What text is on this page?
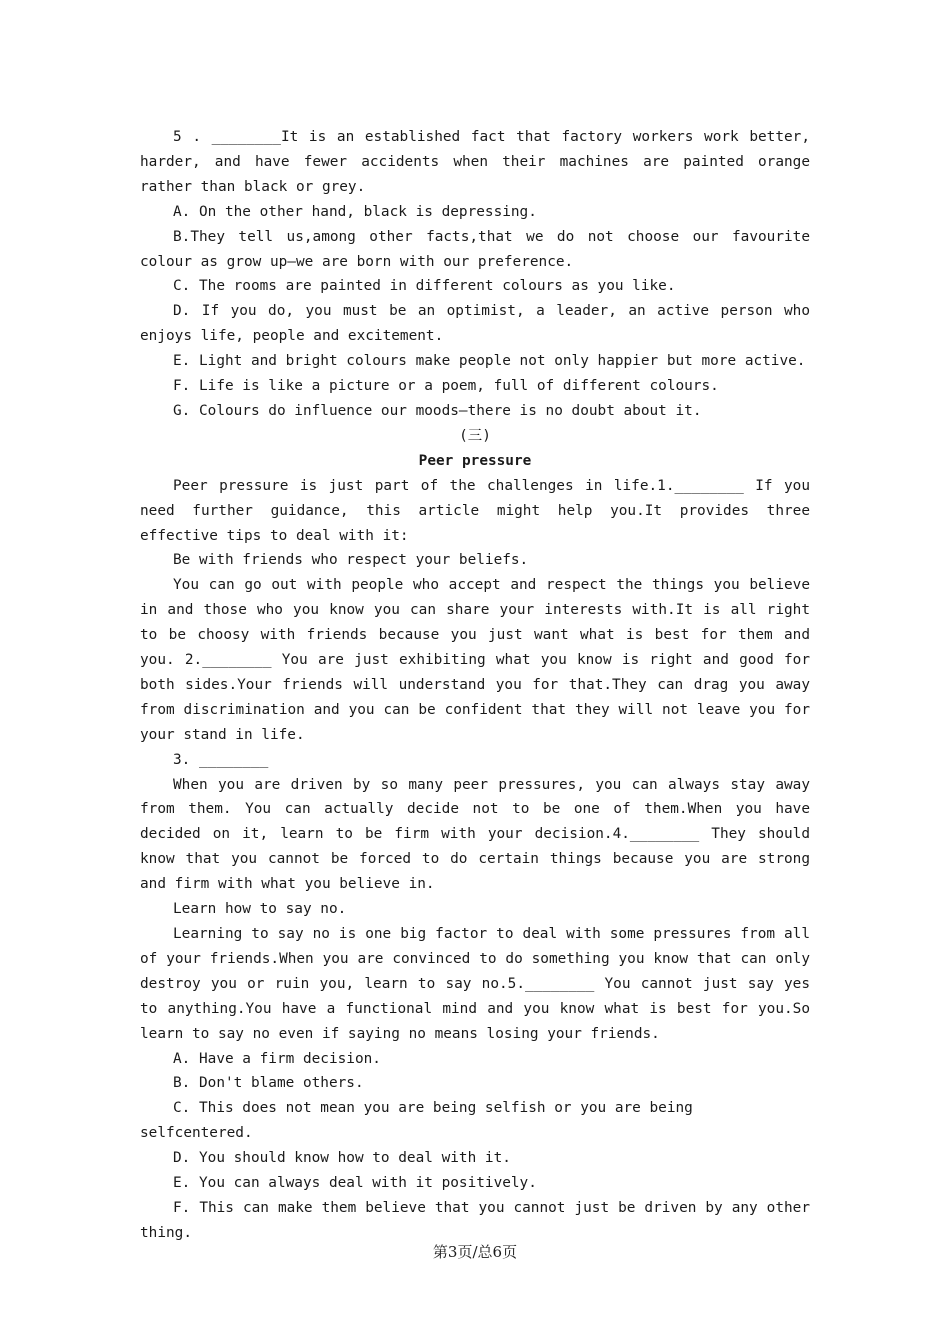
5 . ________It is an established fact that factory workers work better, harder, and have fewer accidents when their machines are painted orange rather than black or grey.

A. On the other hand, black is depressing.

B.They tell us,among other facts,that we do not choose our favourite colour as grow up—we are born with our preference.

C. The rooms are painted in different colours as you like.

D. If you do, you must be an optimist, a leader, an active person who enjoys life, people and excitement.

E. Light and bright colours make people not only happier but more active.

F. Life is like a picture or a poem, full of different colours.

G. Colours do influence our moods—there is no doubt about it.

(三)

Peer pressure

Peer pressure is just part of the challenges in life.1.________ If you need further guidance, this article might help you.It provides three effective tips to deal with it:

Be with friends who respect your beliefs.

You can go out with people who accept and respect the things you believe in and those who you know you can share your interests with.It is all right to be choosy with friends because you just want what is best for them and you. 2.________ You are just exhibiting what you know is right and good for both sides.Your friends will understand you for that.They can drag you away from discrimination and you can be confident that they will not leave you for your stand in life.

3. ________

When you are driven by so many peer pressures, you can always stay away from them. You can actually decide not to be one of them.When you have decided on it, learn to be firm with your decision.4.________ They should know that you cannot be forced to do certain things because you are strong and firm with what you believe in.

Learn how to say no.

Learning to say no is one big factor to deal with some pressures from all of your friends.When you are convinced to do something you know that can only destroy you or ruin you, learn to say no.5.________ You cannot just say yes to anything.You have a functional mind and you know what is best for you.So learn to say no even if saying no means losing your friends.

A. Have a firm decision.

B. Don't blame others.

C. This does not mean you are being selfish or you are being selfcentered.

D. You should know how to deal with it.

E. You can always deal with it positively.

F. This can make them believe that you cannot just be driven by any other thing.

第3页/总6页
